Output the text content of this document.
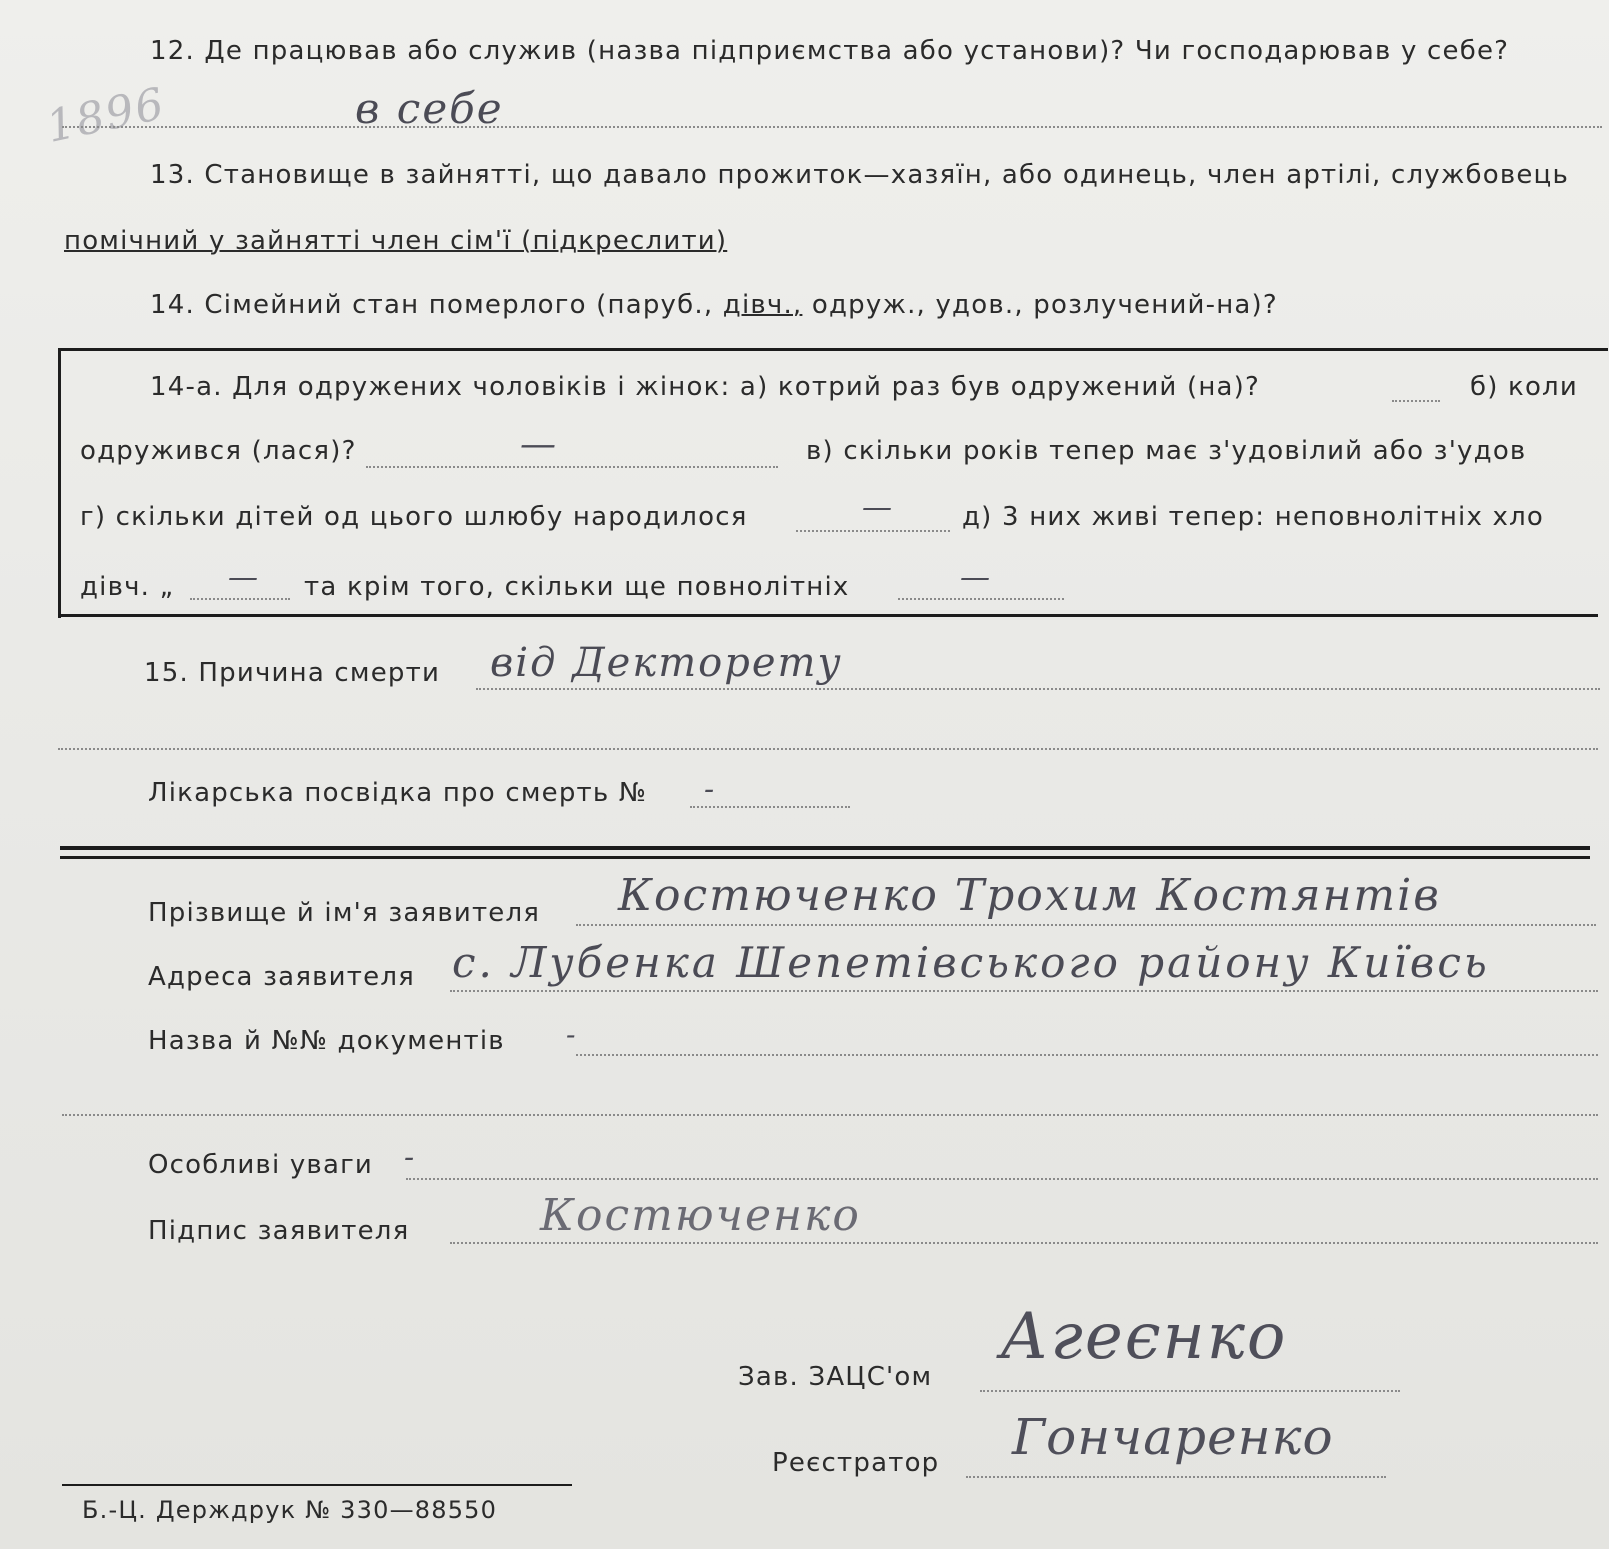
1896
12. Де працював або служив (назва підприємства або установи)? Чи господарював у себе?
в себе
13. Становище в зайнятті, що давало прожиток—хазяїн, або одинець, член артілі, службовець
помічний у зайнятті член сім'ї (підкреслити)
14. Сімейний стан померлого (паруб., дівч., одруж., удов., розлучений-на)?
14-а. Для одружених чоловіків і жінок: а) котрий раз був одружений (на)?	б) коли
одружився (лася)?	—	в) скільки років тепер має з'удовілий або з'удов
г) скільки дітей од цього шлюбу народилося	—	д) 3 них живі тепер: неповнолітніх хло
дівч. „ — та крім того, скільки ще повнолітніх	—
15. Причина смерти від Декторету
Лікарська посвідка про смерть № -
Прізвище й ім'я заявителя Костюченко Трохим Костянтів
Адреса заявителя с. Лубенка Шепетівського району Київсь
Назва й №№ документів -
Особливі уваги -
Підпис заявителя	Костюченко
Зав. ЗАЦС'ом
Агеєнко
Реєстратор Гончаренко
Б.-Ц. Держдрук № 330—88550
